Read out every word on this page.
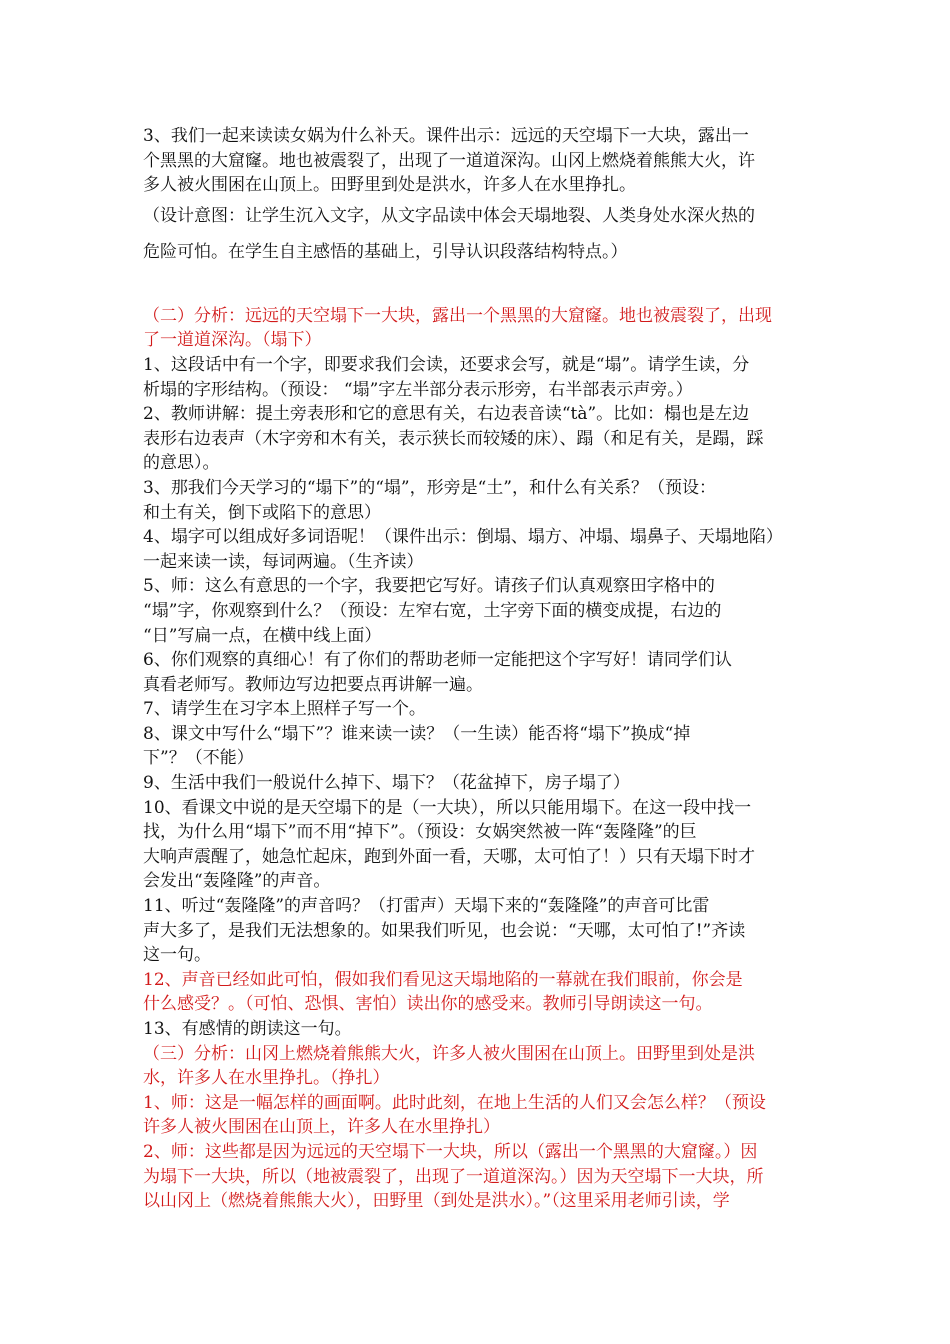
3、我们一起来读读女娲为什么补天。课件出示：远远的天空塌下一大块，露出一
个黑黑的大窟窿。地也被震裂了，出现了一道道深沟。山冈上燃烧着熊熊大火，许
多人被火围困在山顶上。田野里到处是洪水，许多人在水里挣扎。
（设计意图：让学生沉入文字，从文字品读中体会天塌地裂、人类身处水深火热的
危险可怕。在学生自主感悟的基础上，引导认识段落结构特点。）
（二）分析：远远的天空塌下一大块，露出一个黑黑的大窟窿。地也被震裂了，出现
了一道道深沟。（塌下）
1、这段话中有一个字，即要求我们会读，还要求会写，就是“塌”。请学生读，分
析塌的字形结构。（预设： “塌”字左半部分表示形旁，右半部表示声旁。）
2、教师讲解：提土旁表形和它的意思有关，右边表音读“tà”。比如：榻也是左边
表形右边表声（木字旁和木有关，表示狭长而较矮的床）、蹋（和足有关，是蹋，踩
的意思）。
3、那我们今天学习的“塌下”的“塌”，形旁是“土”，和什么有关系？（预设：
和土有关，倒下或陷下的意思）
4、塌字可以组成好多词语呢！（课件出示：倒塌、塌方、冲塌、塌鼻子、天塌地陷）
一起来读一读，每词两遍。（生齐读）
5、师：这么有意思的一个字，我要把它写好。请孩子们认真观察田字格中的
“塌”字，你观察到什么？（预设：左窄右宽，土字旁下面的横变成提，右边的
“日”写扁一点，在横中线上面）
6、你们观察的真细心！有了你们的帮助老师一定能把这个字写好！请同学们认
真看老师写。教师边写边把要点再讲解一遍。
7、请学生在习字本上照样子写一个。
8、课文中写什么“塌下”？谁来读一读？（一生读）能否将“塌下”换成“掉
下”？（不能）
9、生活中我们一般说什么掉下、塌下？（花盆掉下，房子塌了）
10、看课文中说的是天空塌下的是（一大块），所以只能用塌下。在这一段中找一
找，为什么用“塌下”而不用“掉下”。（预设：女娲突然被一阵“轰隆隆”的巨
大响声震醒了，她急忙起床，跑到外面一看，天哪，太可怕了！）只有天塌下时才
会发出“轰隆隆”的声音。
11、听过“轰隆隆”的声音吗？（打雷声）天塌下来的“轰隆隆”的声音可比雷
声大多了，是我们无法想象的。如果我们听见，也会说：“天哪，太可怕了!”齐读
这一句。
12、声音已经如此可怕，假如我们看见这天塌地陷的一幕就在我们眼前，你会是
什么感受？。（可怕、恐惧、害怕）读出你的感受来。教师引导朗读这一句。
13、有感情的朗读这一句。
（三）分析：山冈上燃烧着熊熊大火，许多人被火围困在山顶上。田野里到处是洪
水，许多人在水里挣扎。（挣扎）
1、师：这是一幅怎样的画面啊。此时此刻，在地上生活的人们又会怎么样？（预设
许多人被火围困在山顶上，许多人在水里挣扎）
2、师：这些都是因为远远的天空塌下一大块，所以（露出一个黑黑的大窟窿。）因
为塌下一大块，所以（地被震裂了，出现了一道道深沟。）因为天空塌下一大块，所
以山冈上（燃烧着熊熊大火），田野里（到处是洪水）。”（这里采用老师引读，学
